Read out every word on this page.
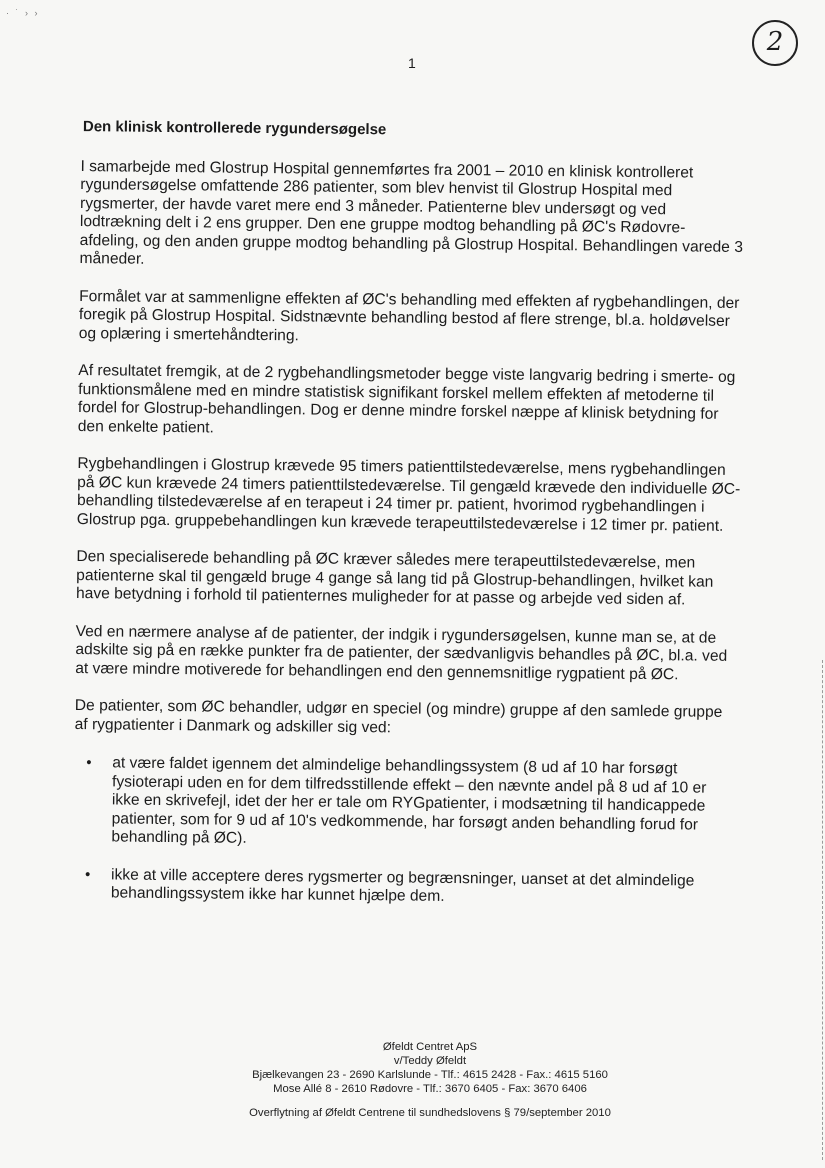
· ˙ › ›
1
2
Den klinisk kontrollerede rygundersøgelse

I samarbejde med Glostrup Hospital gennemførtes fra 2001 – 2010 en klinisk kontrolleret rygundersøgelse omfattende 286 patienter, som blev henvist til Glostrup Hospital med rygsmerter, der havde varet mere end 3 måneder. Patienterne blev undersøgt og ved lodtrækning delt i 2 ens grupper. Den ene gruppe modtog behandling på ØC's Rødovre-afdeling, og den anden gruppe modtog behandling på Glostrup Hospital. Behandlingen varede 3 måneder.

Formålet var at sammenligne effekten af ØC's behandling med effekten af rygbehandlingen, der foregik på Glostrup Hospital. Sidstnævnte behandling bestod af flere strenge, bl.a. holdøvelser og oplæring i smertehåndtering.

Af resultatet fremgik, at de 2 rygbehandlingsmetoder begge viste langvarig bedring i smerte- og funktionsmålene med en mindre statistisk signifikant forskel mellem effekten af metoderne til fordel for Glostrup-behandlingen. Dog er denne mindre forskel næppe af klinisk betydning for den enkelte patient.

Rygbehandlingen i Glostrup krævede 95 timers patienttilstedeværelse, mens rygbehandlingen på ØC kun krævede 24 timers patienttilstedeværelse. Til gengæld krævede den individuelle ØC-behandling tilstedeværelse af en terapeut i 24 timer pr. patient, hvorimod rygbehandlingen i Glostrup pga. gruppebehandlingen kun krævede terapeuttilstedeværelse i 12 timer pr. patient.

Den specialiserede behandling på ØC kræver således mere terapeuttilstedeværelse, men patienterne skal til gengæld bruge 4 gange så lang tid på Glostrup-behandlingen, hvilket kan have betydning i forhold til patienternes muligheder for at passe og arbejde ved siden af.

Ved en nærmere analyse af de patienter, der indgik i rygundersøgelsen, kunne man se, at de adskilte sig på en række punkter fra de patienter, der sædvanligvis behandles på ØC, bl.a. ved at være mindre motiverede for behandlingen end den gennemsnitlige rygpatient på ØC.

De patienter, som ØC behandler, udgør en speciel (og mindre) gruppe af den samlede gruppe af rygpatienter i Danmark og adskiller sig ved:

• at være faldet igennem det almindelige behandlingssystem (8 ud af 10 har forsøgt fysioterapi uden en for dem tilfredsstillende effekt – den nævnte andel på 8 ud af 10 er ikke en skrivefejl, idet der her er tale om RYGpatienter, i modsætning til handicappede patienter, som for 9 ud af 10's vedkommende, har forsøgt anden behandling forud for behandling på ØC).
• ikke at ville acceptere deres rygsmerter og begrænsninger, uanset at det almindelige behandlingssystem ikke har kunnet hjælpe dem.
Øfeldt Centret ApS
v/Teddy Øfeldt
Bjælkevangen 23 - 2690 Karlslunde - Tlf.: 4615 2428 - Fax.: 4615 5160
Mose Allé 8 - 2610 Rødovre - Tlf.: 3670 6405 - Fax: 3670 6406
Overflytning af Øfeldt Centrene til sundhedslovens § 79/september 2010
